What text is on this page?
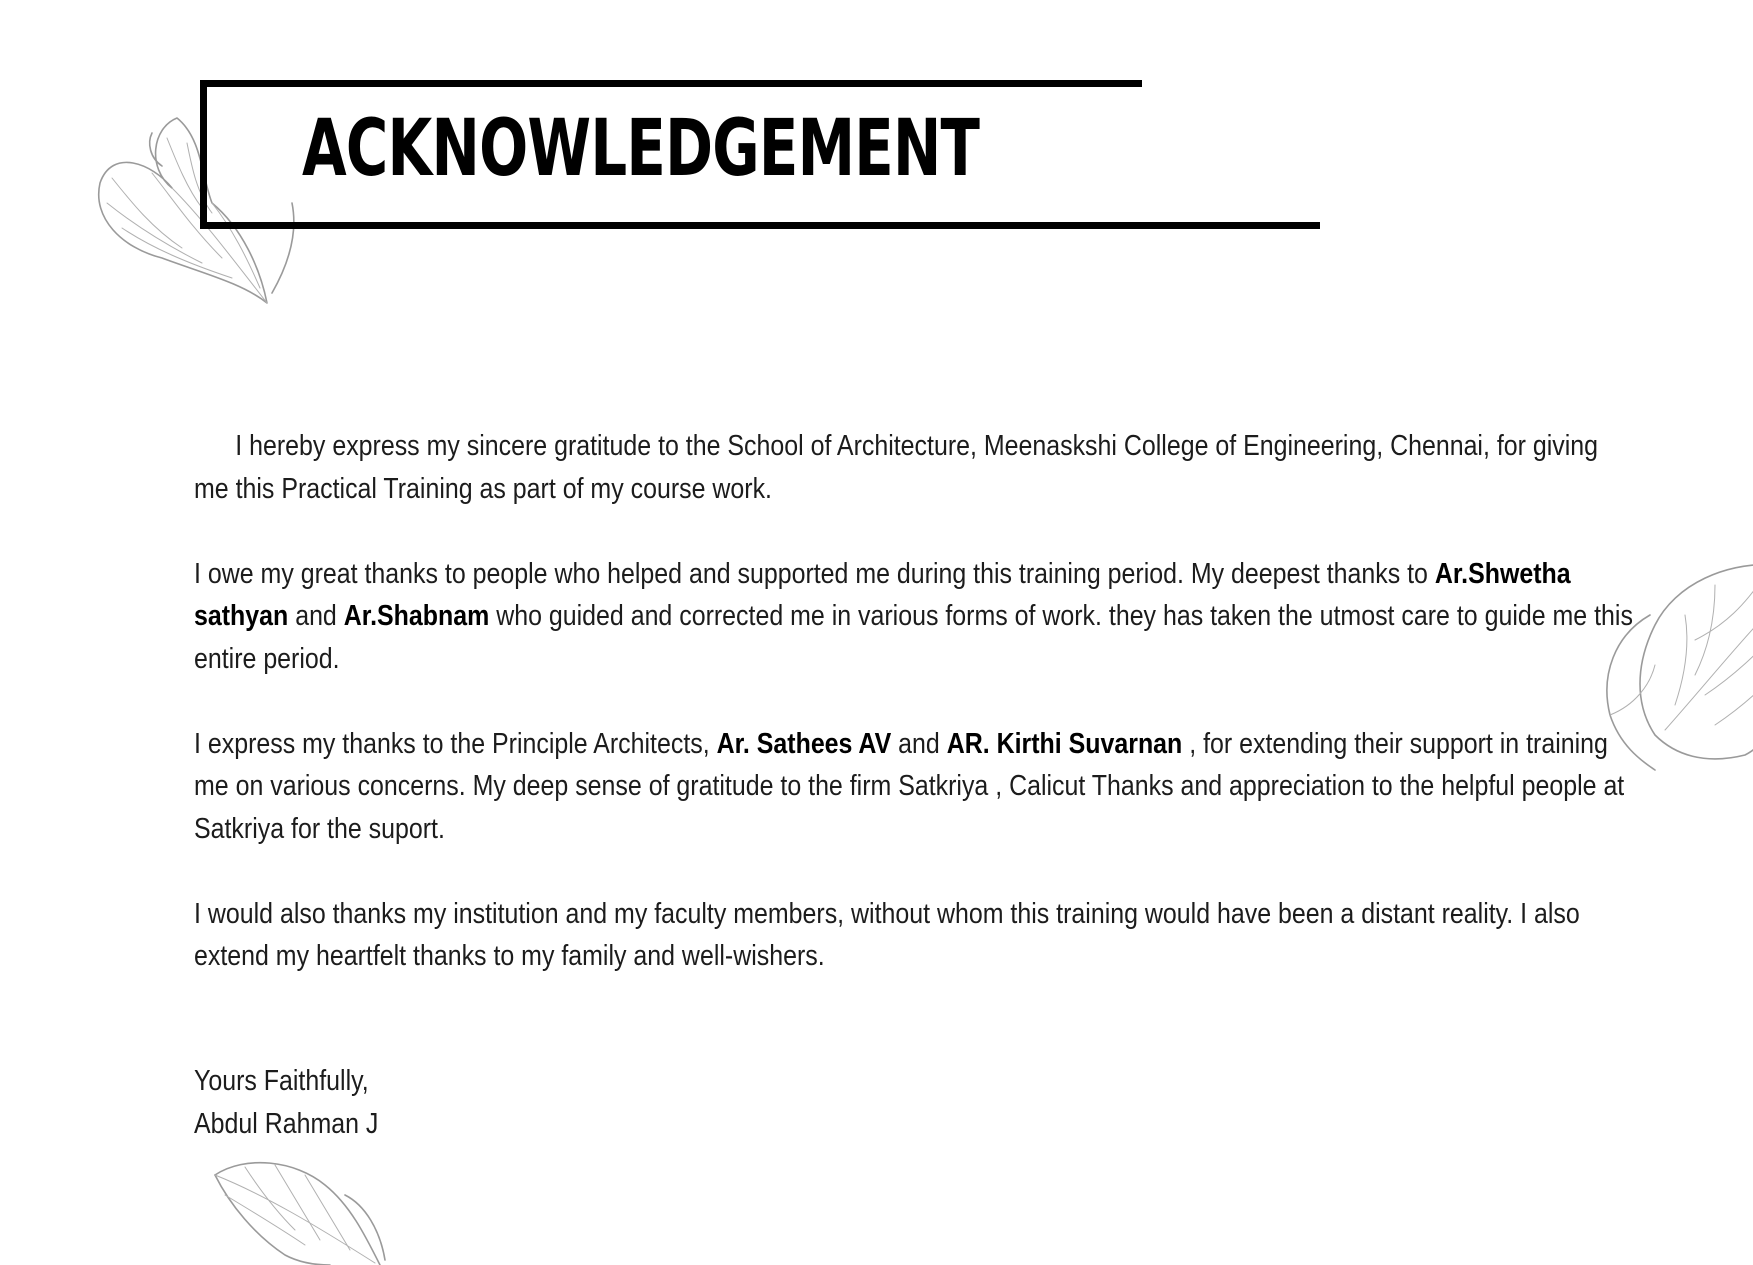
ACKNOWLEDGEMENT

I hereby express my sincere gratitude to the School of Architecture, Meenaskshi College of Engineering, Chennai, for giving me this Practical Training as part of my course work.

I owe my great thanks to people who helped and supported me during this training period. My deepest thanks to Ar.Shwetha sathyan and Ar.Shabnam who guided and corrected me in various forms of work. they has taken the utmost care to guide me this entire period.

I express my thanks to the Principle Architects, Ar. Sathees AV and AR. Kirthi Suvarnan , for extending their support in training me on various concerns. My deep sense of gratitude to the firm Satkriya , Calicut Thanks and appreciation to the helpful people at Satkriya for the suport.

I would also thanks my institution and my faculty members, without whom this training would have been a distant reality. I also extend my heartfelt thanks to my family and well-wishers.

Yours Faithfully,
Abdul Rahman J
